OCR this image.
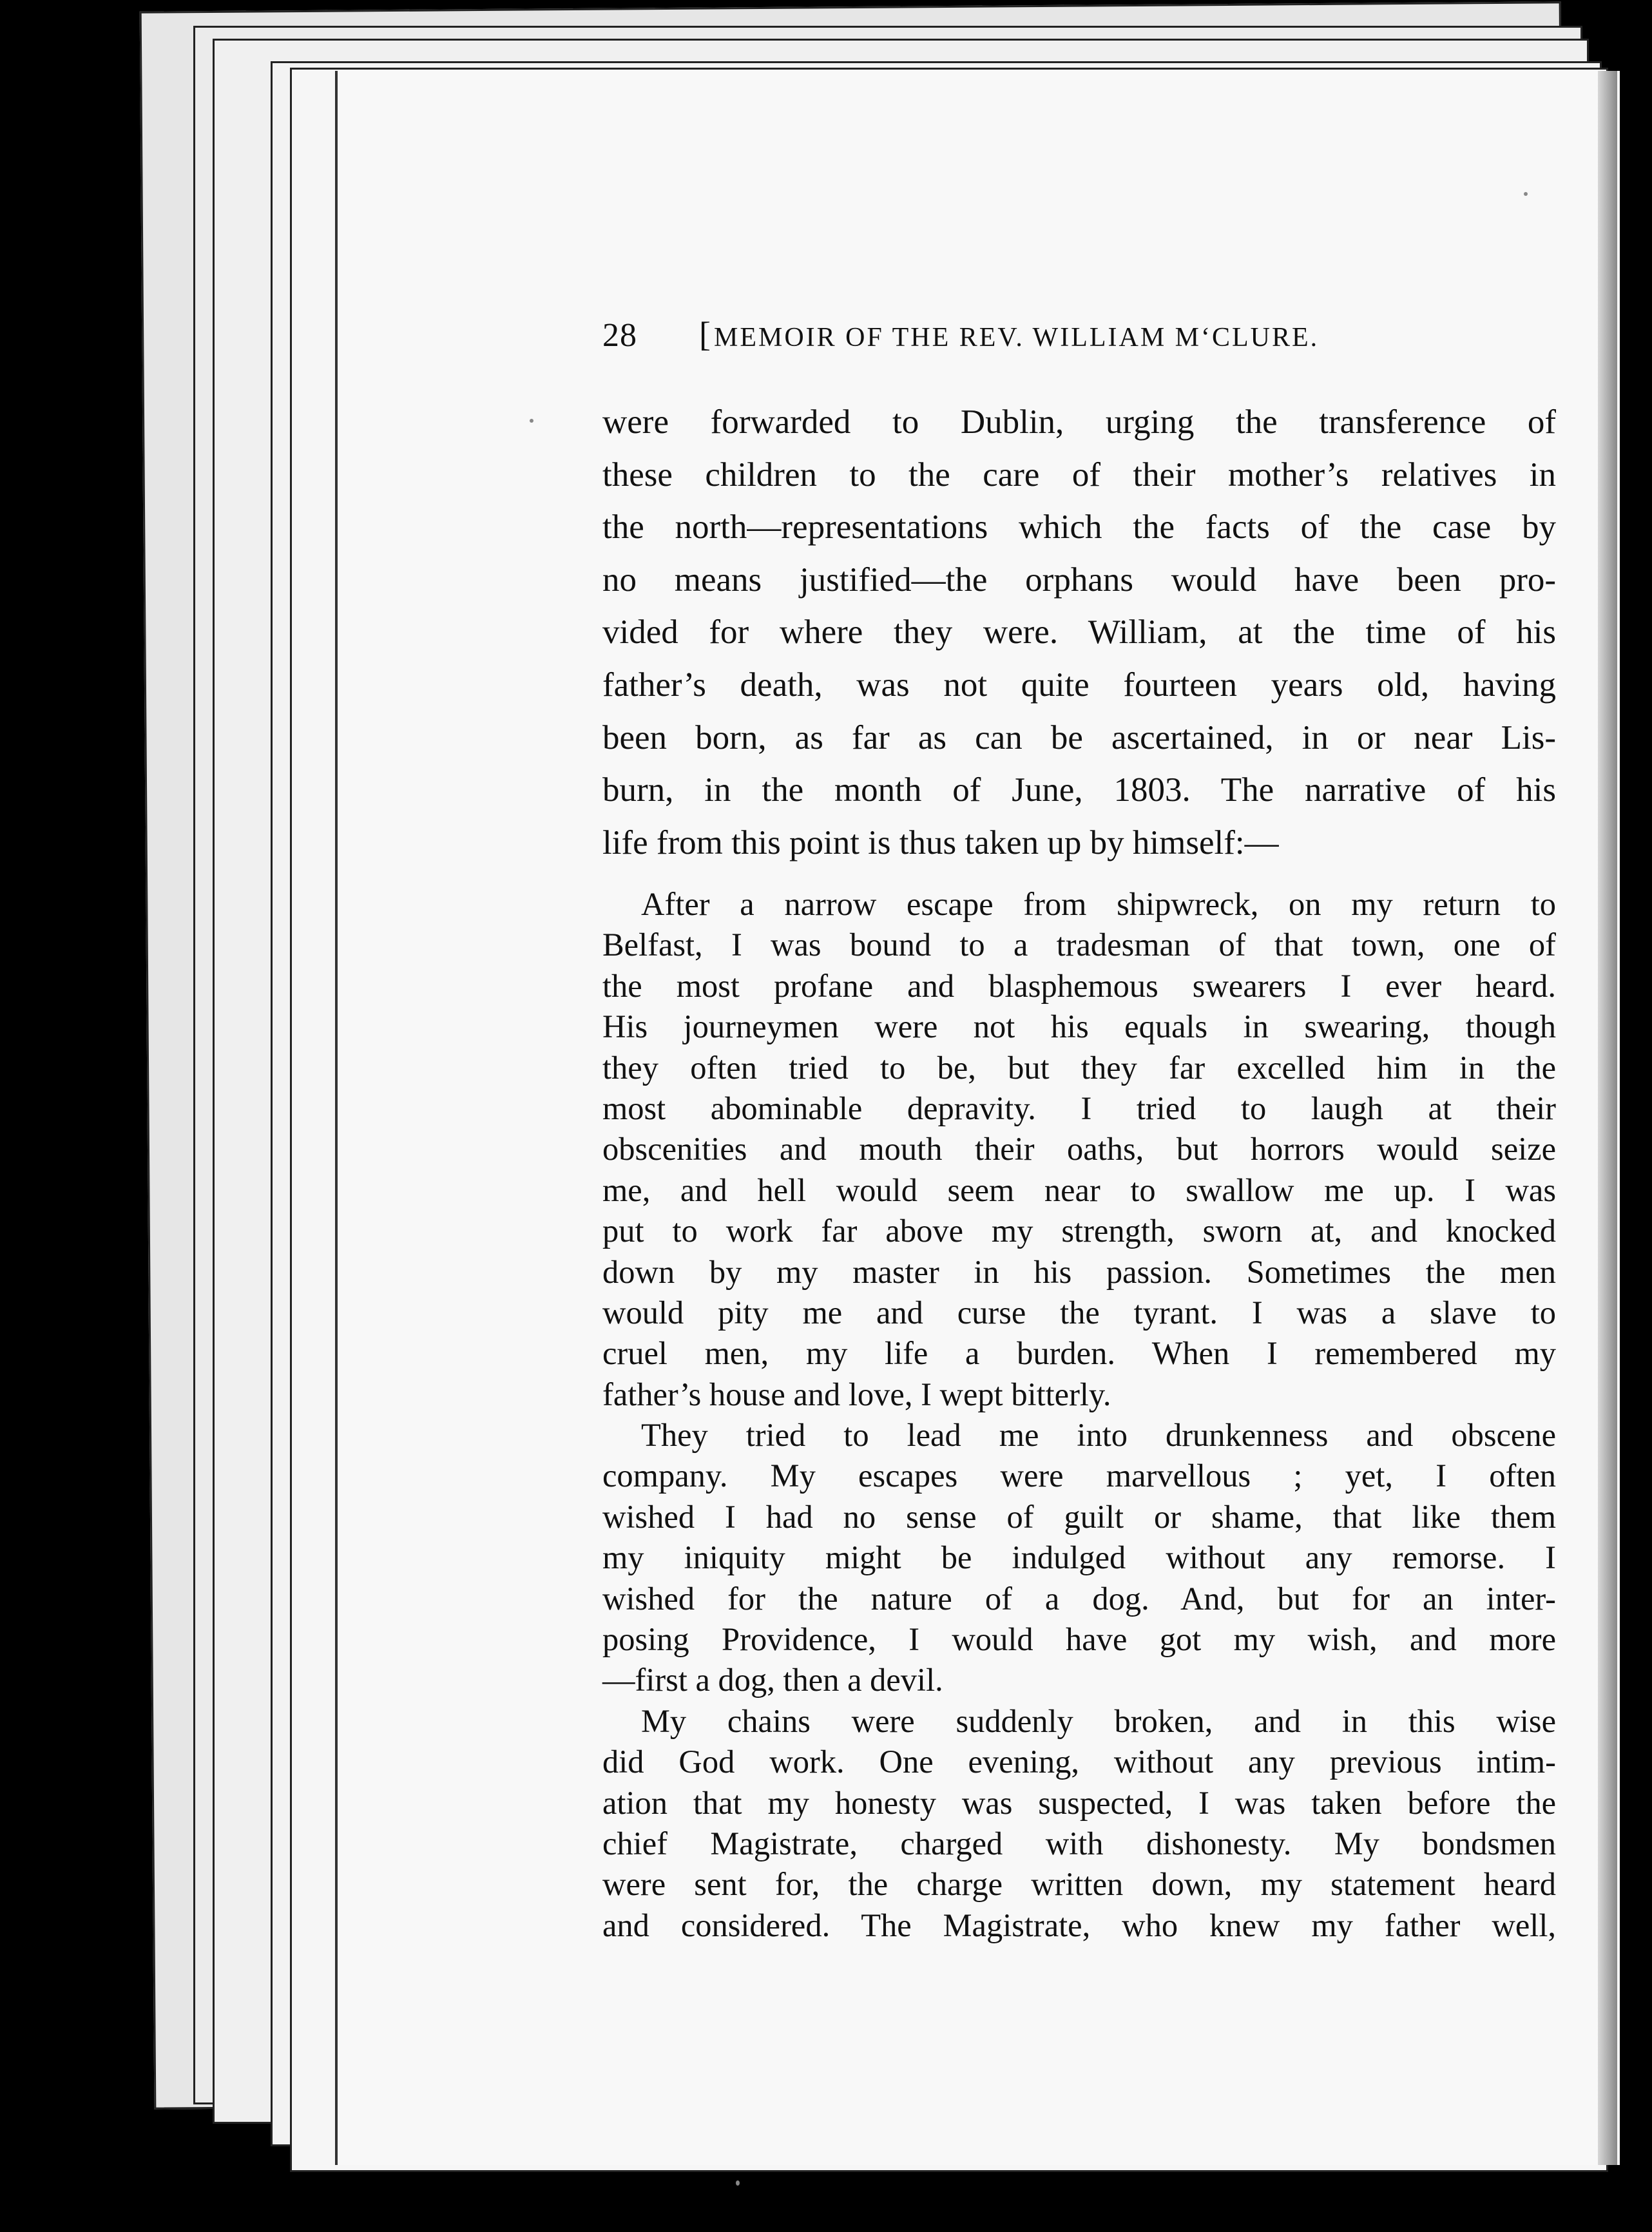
28 [MEMOIR OF THE REV. WILLIAM M‘CLURE.
were forwarded to Dublin, urging the transference of
these children to the care of their mother’s relatives in
the north—representations which the facts of the case by
no means justified—the orphans would have been pro-
vided for where they were. William, at the time of his
father’s death, was not quite fourteen years old, having
been born, as far as can be ascertained, in or near Lis-
burn, in the month of June, 1803. The narrative of his
life from this point is thus taken up by himself:—
After a narrow escape from shipwreck, on my return to
Belfast, I was bound to a tradesman of that town, one of
the most profane and blasphemous swearers I ever heard.
His journeymen were not his equals in swearing, though
they often tried to be, but they far excelled him in the
most abominable depravity. I tried to laugh at their
obscenities and mouth their oaths, but horrors would seize
me, and hell would seem near to swallow me up. I was
put to work far above my strength, sworn at, and knocked
down by my master in his passion. Sometimes the men
would pity me and curse the tyrant. I was a slave to
cruel men, my life a burden. When I remembered my
father’s house and love, I wept bitterly.
They tried to lead me into drunkenness and obscene
company. My escapes were marvellous ; yet, I often
wished I had no sense of guilt or shame, that like them
my iniquity might be indulged without any remorse. I
wished for the nature of a dog. And, but for an inter-
posing Providence, I would have got my wish, and more
—first a dog, then a devil.
My chains were suddenly broken, and in this wise
did God work. One evening, without any previous intim-
ation that my honesty was suspected, I was taken before the
chief Magistrate, charged with dishonesty. My bondsmen
were sent for, the charge written down, my statement heard
and considered. The Magistrate, who knew my father well,
